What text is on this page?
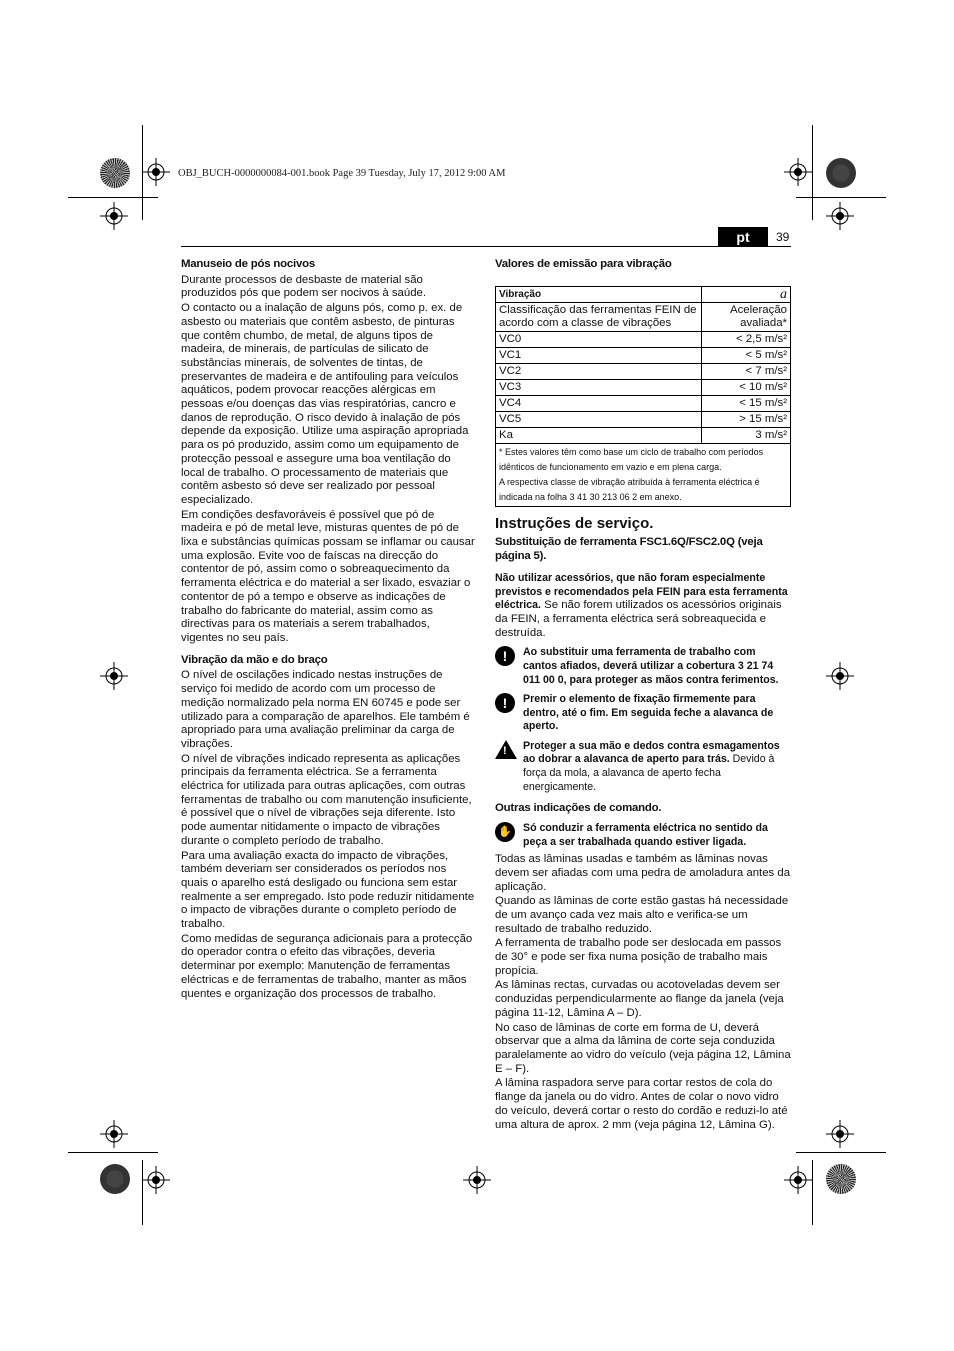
OBJ_BUCH-0000000084-001.book Page 39 Tuesday, July 17, 2012 9:00 AM
pt	39
Manuseio de pós nocivos

Durante processos de desbaste de material são produzidos pós que podem ser nocivos à saúde.

O contacto ou a inalação de alguns pós, como p. ex. de asbesto ou materiais que contêm asbesto, de pinturas que contêm chumbo, de metal, de alguns tipos de madeira, de minerais, de partículas de silicato de substâncias minerais, de solventes de tintas, de preservantes de madeira e de antifouling para veículos aquáticos, podem provocar reacções alérgicas em pessoas e/ou doenças das vias respiratórias, cancro e danos de reprodução. O risco devido à inalação de pós depende da exposição. Utilize uma aspiração apropriada para os pó produzido, assim como um equipamento de protecção pessoal e assegure uma boa ventilação do local de trabalho. O processamento de materiais que contêm asbesto só deve ser realizado por pessoal especializado.

Em condições desfavoráveis é possível que pó de madeira e pó de metal leve, misturas quentes de pó de lixa e substâncias químicas possam se inflamar ou causar uma explosão. Evite voo de faíscas na direcção do contentor de pó, assim como o sobreaquecimento da ferramenta eléctrica e do material a ser lixado, esvaziar o contentor de pó a tempo e observe as indicações de trabalho do fabricante do material, assim como as directivas para os materiais a serem trabalhados, vigentes no seu país.

Vibração da mão e do braço

O nível de oscilações indicado nestas instruções de serviço foi medido de acordo com um processo de medição normalizado pela norma EN 60745 e pode ser utilizado para a comparação de aparelhos. Ele também é apropriado para uma avaliação preliminar da carga de vibrações.

O nível de vibrações indicado representa as aplicações principais da ferramenta eléctrica. Se a ferramenta eléctrica for utilizada para outras aplicações, com outras ferramentas de trabalho ou com manutenção insuficiente, é possível que o nível de vibrações seja diferente. Isto pode aumentar nitidamente o impacto de vibrações durante o completo período de trabalho.

Para uma avaliação exacta do impacto de vibrações, também deveriam ser considerados os períodos nos quais o aparelho está desligado ou funciona sem estar realmente a ser empregado. Isto pode reduzir nitidamente o impacto de vibrações durante o completo período de trabalho.

Como medidas de segurança adicionais para a protecção do operador contra o efeito das vibrações, deveria determinar por exemplo: Manutenção de ferramentas eléctricas e de ferramentas de trabalho, manter as mãos quentes e organização dos processos de trabalho.

Valores de emissão para vibração
Vibração	a
Classificação das ferramentas FEIN de acordo com a classe de vibrações	Aceleração avaliada*
VC0	< 2,5 m/s²
VC1	< 5 m/s²
VC2	< 7 m/s²
VC3	< 10 m/s²
VC4	< 15 m/s²
VC5	> 15 m/s²
Ka	3 m/s²

* Estes valores têm como base um ciclo de trabalho com períodos idênticos de funcionamento em vazio e em plena carga.
A respectiva classe de vibração atribuída à ferramenta eléctrica é indicada na folha 3 41 30 213 06 2 em anexo.	
Instruções de serviço.
Substituição de ferramenta FSC1.6Q/FSC2.0Q (veja página 5).

Não utilizar acessórios, que não foram especialmente previstos e recomendados pela FEIN para esta ferramenta eléctrica. Se não forem utilizados os acessórios originais da FEIN, a ferramenta eléctrica será sobreaquecida e destruída.

!	Ao substituir uma ferramenta de trabalho com cantos afiados, deverá utilizar a cobertura 3 21 74 011 00 0, para proteger as mãos contra ferimentos.
!	Premir o elemento de fixação firmemente para dentro, até o fim. Em seguida feche a alavanca de aperto.
!
Proteger a sua mão e dedos contra esmagamentos ao dobrar a alavanca de aperto para trás. Devido à força da mola, a alavanca de aperto fecha energicamente.
Outras indicações de comando.
✋ Só conduzir a ferramenta eléctrica no sentido da peça a ser trabalhada quando estiver ligada.

Todas as lâminas usadas e também as lâminas novas devem ser afiadas com uma pedra de amoladura antes da aplicação.

Quando as lâminas de corte estão gastas há necessidade de um avanço cada vez mais alto e verifica-se um resultado de trabalho reduzido.

A ferramenta de trabalho pode ser deslocada em passos de 30° e pode ser fixa numa posição de trabalho mais propícia.

As lâminas rectas, curvadas ou acotoveladas devem ser conduzidas perpendicularmente ao flange da janela (veja página 11-12, Lâmina A – D).

No caso de lâminas de corte em forma de U, deverá observar que a alma da lâmina de corte seja conduzida paralelamente ao vidro do veículo (veja página 12, Lâmina E – F).

A lâmina raspadora serve para cortar restos de cola do flange da janela ou do vidro. Antes de colar o novo vidro do veículo, deverá cortar o resto do cordão e reduzi-lo até uma altura de aprox. 2 mm (veja página 12, Lâmina G).
